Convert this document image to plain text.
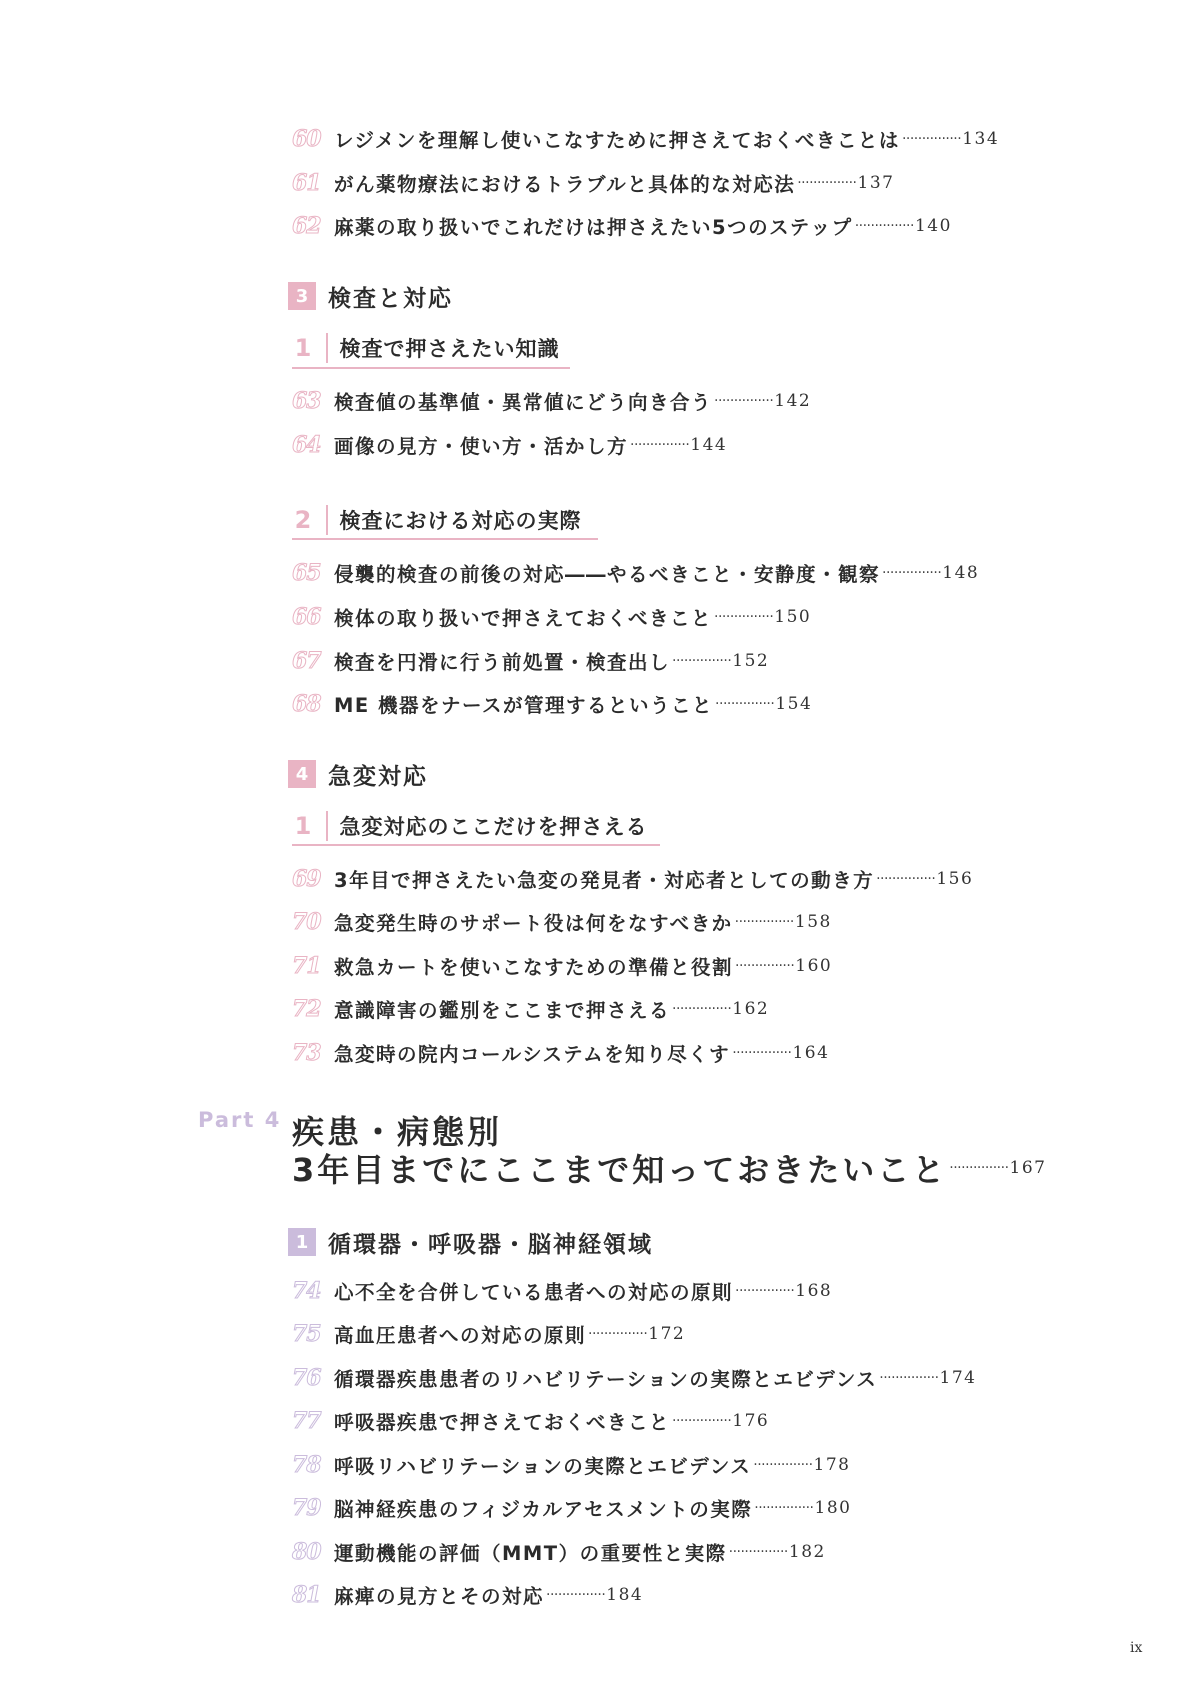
60 レジメンを理解し使いこなすために押さえておくべきことは ··············· 134
61 がん薬物療法におけるトラブルと具体的な対応法 ··············· 137
62 麻薬の取り扱いでこれだけは押さえたい5つのステップ ··············· 140
3 検査と対応
1 検査で押さえたい知識
63 検査値の基準値・異常値にどう向き合う ··············· 142
64 画像の見方・使い方・活かし方 ··············· 144
2 検査における対応の実際
65 侵襲的検査の前後の対応――やるべきこと・安静度・観察 ··············· 148
66 検体の取り扱いで押さえておくべきこと ··············· 150
67 検査を円滑に行う前処置・検査出し ··············· 152
68 ME 機器をナースが管理するということ ··············· 154
4 急変対応
1 急変対応のここだけを押さえる
69 3年目で押さえたい急変の発見者・対応者としての動き方 ··············· 156
70 急変発生時のサポート役は何をなすべきか ··············· 158
71 救急カートを使いこなすための準備と役割 ··············· 160
72 意識障害の鑑別をここまで押さえる ··············· 162
73 急変時の院内コールシステムを知り尽くす ··············· 164
Part 4 疾患・病態別
3年目までにここまで知っておきたいこと ··············· 167
1 循環器・呼吸器・脳神経領域
74 心不全を合併している患者への対応の原則 ··············· 168
75 高血圧患者への対応の原則 ··············· 172
76 循環器疾患患者のリハビリテーションの実際とエビデンス ··············· 174
77 呼吸器疾患で押さえておくべきこと ··············· 176
78 呼吸リハビリテーションの実際とエビデンス ··············· 178
79 脳神経疾患のフィジカルアセスメントの実際 ··············· 180
80 運動機能の評価（MMT）の重要性と実際 ··············· 182
81 麻痺の見方とその対応 ··············· 184
ix
